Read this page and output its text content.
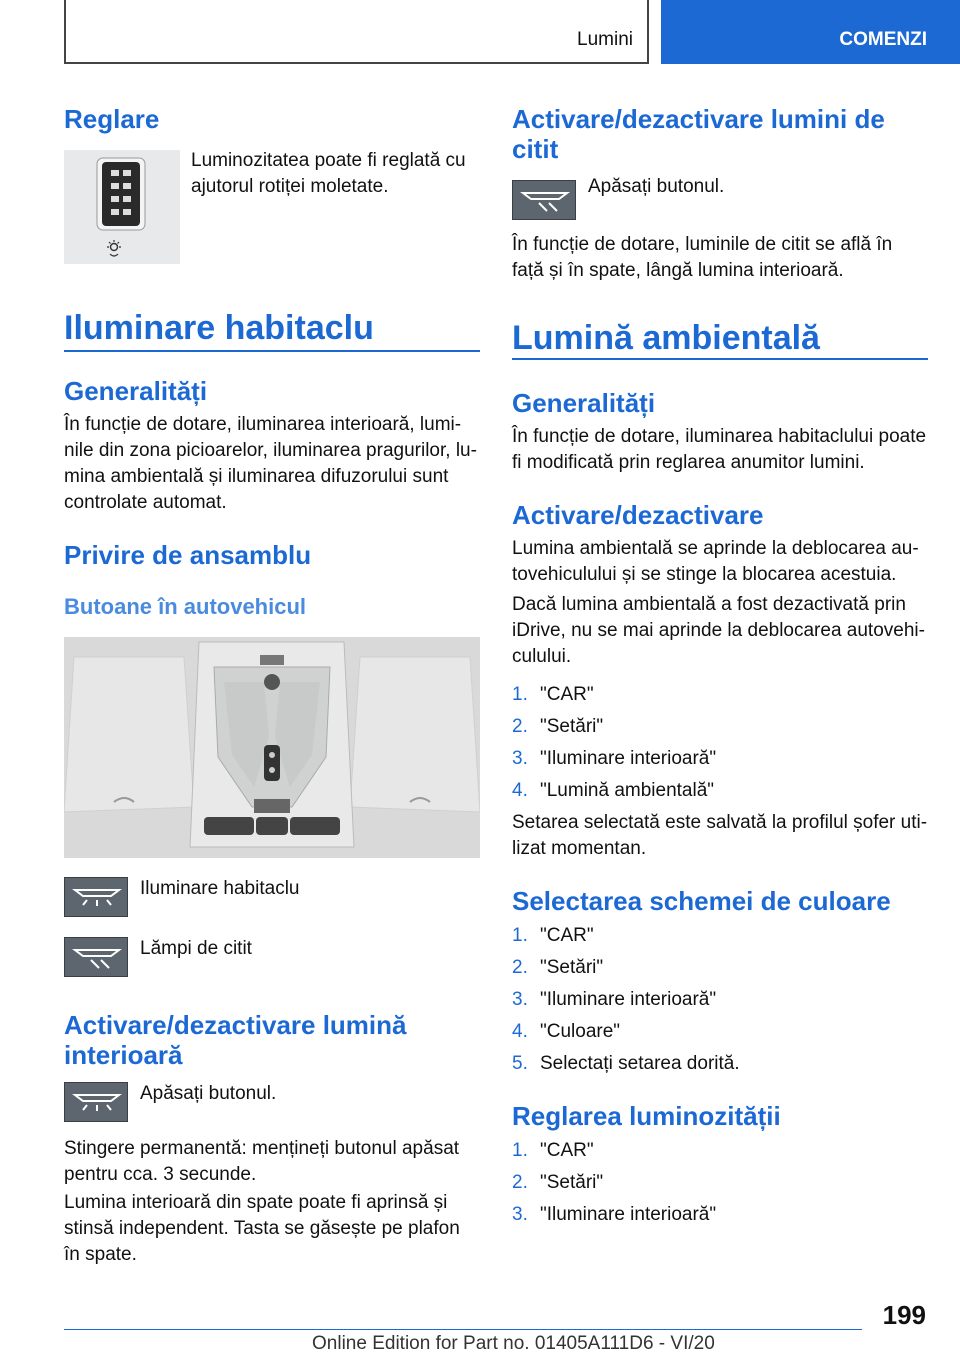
Lumini	COMENZI
Reglare
Luminozitatea poate fi reglată cu ajutorul rotiței moletate.
Iluminare habitaclu
Generalități
În funcție de dotare, iluminarea interioară, lumi-nile din zona picioarelor, iluminarea pragurilor, lu-mina ambientală și iluminarea difuzorului sunt controlate automat.
Privire de ansamblu
Butoane în autovehicul
Iluminare habitaclu
Lămpi de citit
Activare/dezactivare lumină interioară
Apăsați butonul.
Stingere permanentă: mențineți butonul apăsat pentru cca. 3 secunde.
Lumina interioară din spate poate fi aprinsă și stinsă independent. Tasta se găsește pe plafon în spate.
Activare/dezactivare lumini de citit
Apăsați butonul.
În funcție de dotare, luminile de citit se află în față și în spate, lângă lumina interioară.
Lumină ambientală
Generalități
În funcție de dotare, iluminarea habitaclului poate fi modificată prin reglarea anumitor lumini.
Activare/dezactivare
Lumina ambientală se aprinde la deblocarea au-tovehiculului și se stinge la blocarea acestuia.
Dacă lumina ambientală a fost dezactivată prin iDrive, nu se mai aprinde la deblocarea autovehi-culului.
1. "CAR"
2. "Setări"
3. "Iluminare interioară"
4. "Lumină ambientală"
Setarea selectată este salvată la profilul șofer uti-lizat momentan.
Selectarea schemei de culoare
1. "CAR"
2. "Setări"
3. "Iluminare interioară"
4. "Culoare"
5. Selectați setarea dorită.
Reglarea luminozității
1. "CAR"
2. "Setări"
3. "Iluminare interioară"
199
Online Edition for Part no. 01405A111D6 - VI/20
